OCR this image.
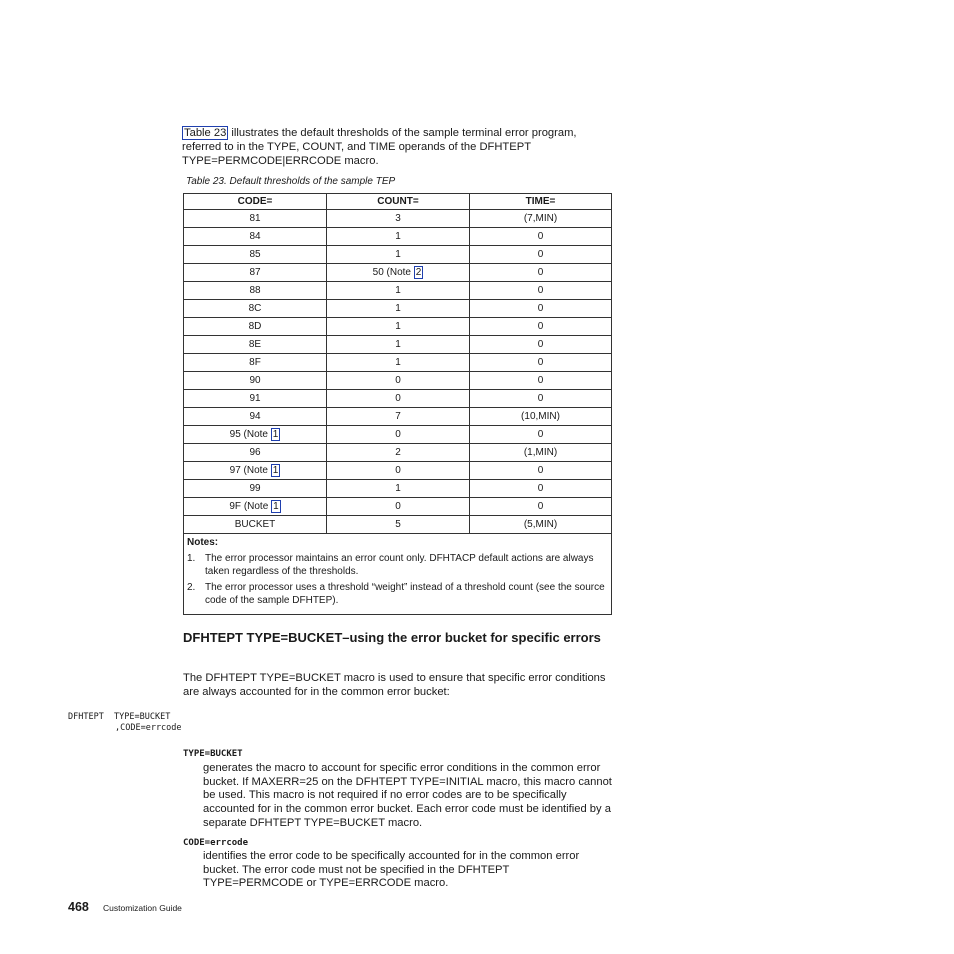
Table 23 illustrates the default thresholds of the sample terminal error program, referred to in the TYPE, COUNT, and TIME operands of the DFHTEPT TYPE=PERMCODE|ERRCODE macro.
Table 23. Default thresholds of the sample TEP
CODE=	COUNT=	TIME=
81	3	(7,MIN)
84	1	0
85	1	0
87	50 (Note 2	0
88	1	0
8C	1	0
8D	1	0
8E	1	0
8F	1	0
90	0	0
91	0	0
94	7	(10,MIN)
95 (Note 1	0	0
96	2	(1,MIN)
97 (Note 1	0	0
99	1	0
9F (Note 1	0	0
BUCKET	5	(5,MIN)

Notes:
1. The error processor maintains an error count only. DFHTACP default actions are always taken regardless of the thresholds.
2. The error processor uses a threshold “weight” instead of a threshold count (see the source code of the sample DFHTEP).		
DFHTEPT TYPE=BUCKET–using the error bucket for specific errors
The DFHTEPT TYPE=BUCKET macro is used to ensure that specific error conditions are always accounted for in the common error bucket:
DFHTEPT  TYPE=BUCKET
,CODE=errcode
TYPE=BUCKET
generates the macro to account for specific error conditions in the common error bucket. If MAXERR=25 on the DFHTEPT TYPE=INITIAL macro, this macro cannot be used. This macro is not required if no error codes are to be specifically accounted for in the common error bucket. Each error code must be identified by a separate DFHTEPT TYPE=BUCKET macro.
CODE=errcode
identifies the error code to be specifically accounted for in the common error bucket. The error code must not be specified in the DFHTEPT TYPE=PERMCODE or TYPE=ERRCODE macro.
468 Customization Guide
